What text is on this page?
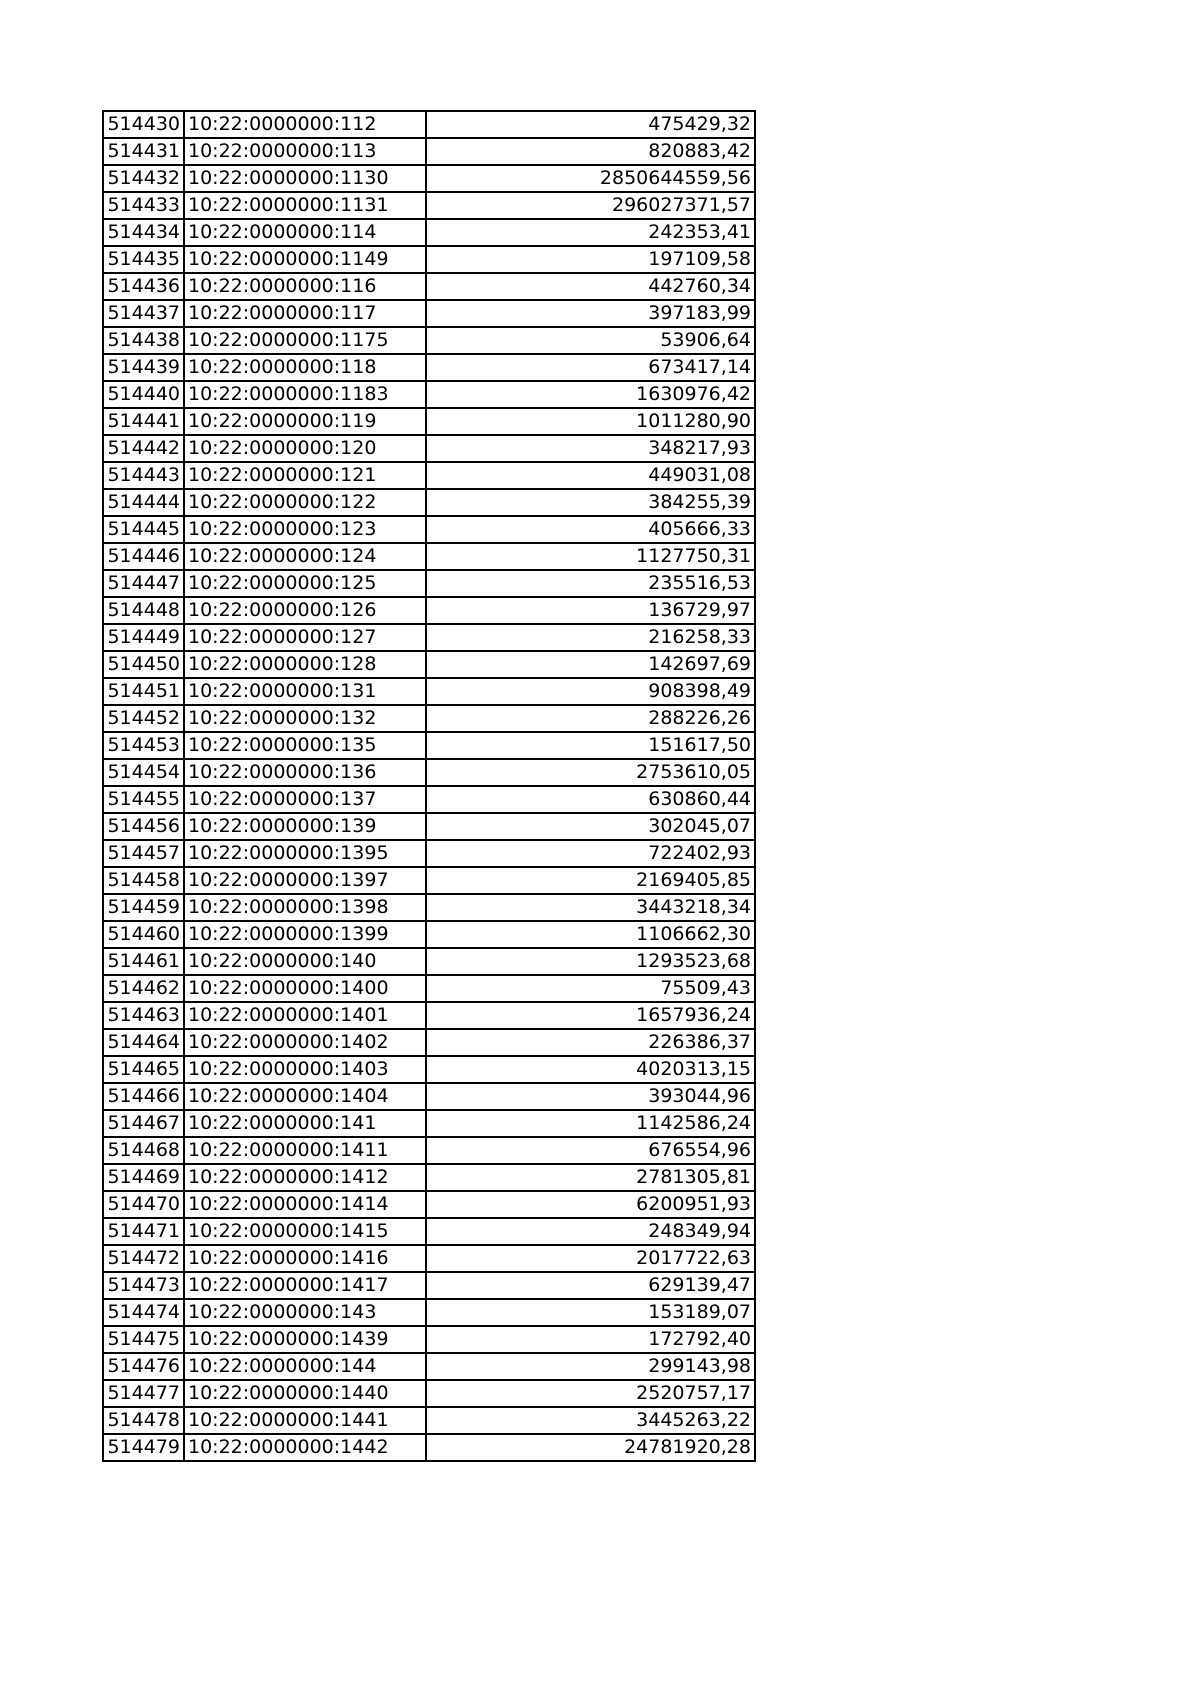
514430	10:22:0000000:112	475429,32
514431	10:22:0000000:113	820883,42
514432	10:22:0000000:1130	2850644559,56
514433	10:22:0000000:1131	296027371,57
514434	10:22:0000000:114	242353,41
514435	10:22:0000000:1149	197109,58
514436	10:22:0000000:116	442760,34
514437	10:22:0000000:117	397183,99
514438	10:22:0000000:1175	53906,64
514439	10:22:0000000:118	673417,14
514440	10:22:0000000:1183	1630976,42
514441	10:22:0000000:119	1011280,90
514442	10:22:0000000:120	348217,93
514443	10:22:0000000:121	449031,08
514444	10:22:0000000:122	384255,39
514445	10:22:0000000:123	405666,33
514446	10:22:0000000:124	1127750,31
514447	10:22:0000000:125	235516,53
514448	10:22:0000000:126	136729,97
514449	10:22:0000000:127	216258,33
514450	10:22:0000000:128	142697,69
514451	10:22:0000000:131	908398,49
514452	10:22:0000000:132	288226,26
514453	10:22:0000000:135	151617,50
514454	10:22:0000000:136	2753610,05
514455	10:22:0000000:137	630860,44
514456	10:22:0000000:139	302045,07
514457	10:22:0000000:1395	722402,93
514458	10:22:0000000:1397	2169405,85
514459	10:22:0000000:1398	3443218,34
514460	10:22:0000000:1399	1106662,30
514461	10:22:0000000:140	1293523,68
514462	10:22:0000000:1400	75509,43
514463	10:22:0000000:1401	1657936,24
514464	10:22:0000000:1402	226386,37
514465	10:22:0000000:1403	4020313,15
514466	10:22:0000000:1404	393044,96
514467	10:22:0000000:141	1142586,24
514468	10:22:0000000:1411	676554,96
514469	10:22:0000000:1412	2781305,81
514470	10:22:0000000:1414	6200951,93
514471	10:22:0000000:1415	248349,94
514472	10:22:0000000:1416	2017722,63
514473	10:22:0000000:1417	629139,47
514474	10:22:0000000:143	153189,07
514475	10:22:0000000:1439	172792,40
514476	10:22:0000000:144	299143,98
514477	10:22:0000000:1440	2520757,17
514478	10:22:0000000:1441	3445263,22
514479	10:22:0000000:1442	24781920,28
